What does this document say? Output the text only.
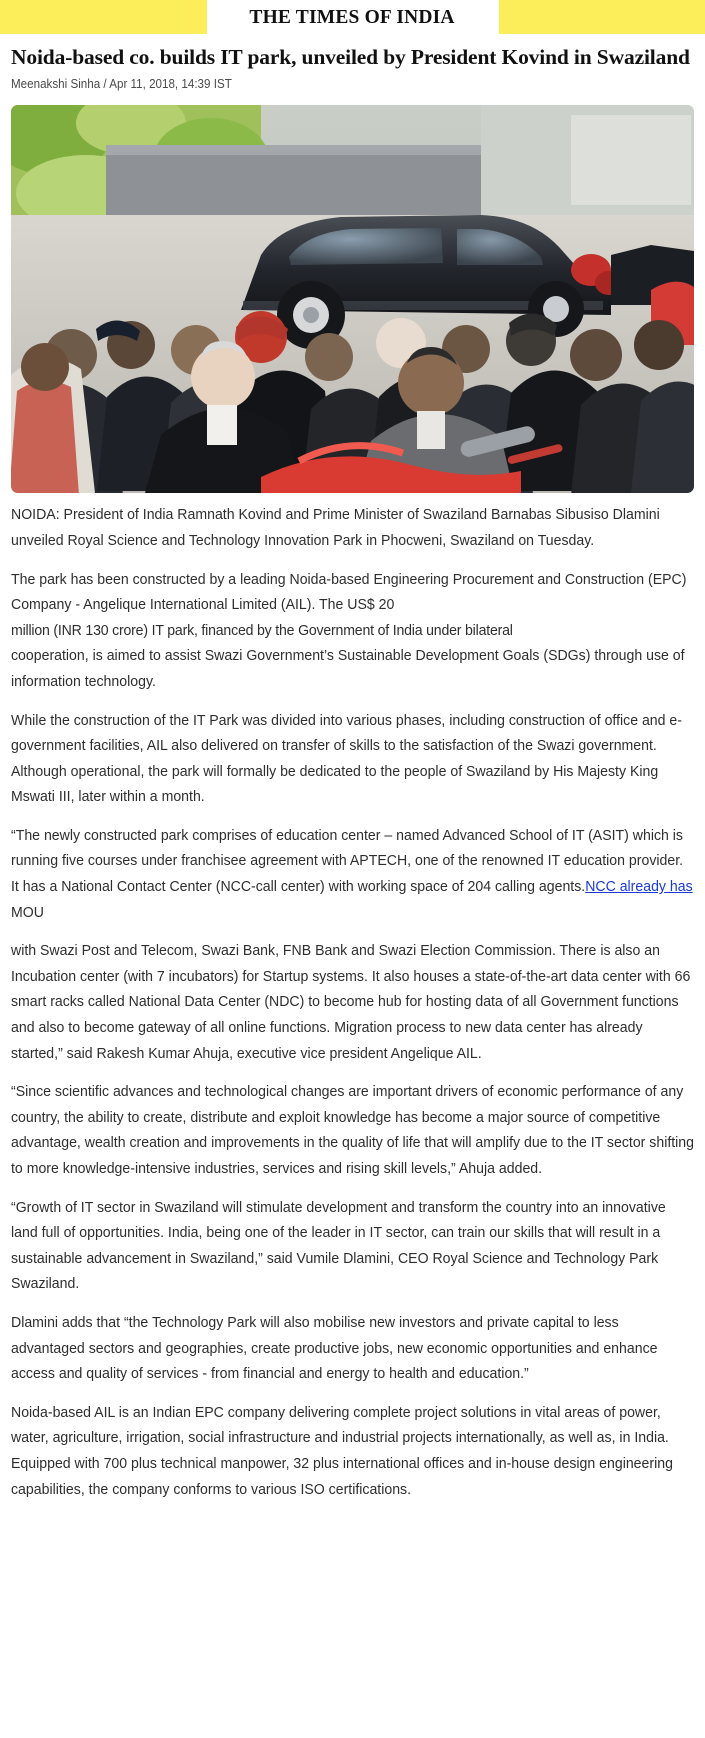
THE TIMES OF INDIA
Noida-based co. builds IT park, unveiled by President Kovind in Swaziland
Meenakshi Sinha / Apr 11, 2018, 14:39 IST

NOIDA: President of India Ramnath Kovind and Prime Minister of Swaziland Barnabas Sibusiso Dlamini unveiled Royal Science and Technology Innovation Park in Phocweni, Swaziland on Tuesday.

The park has been constructed by a leading Noida-based Engineering Procurement and Construction (EPC) Company - Angelique International Limited (AIL). The US$ 20

million (INR 130 crore) IT park, financed by the Government of India under bilateral

cooperation, is aimed to assist Swazi Government’s Sustainable Development Goals (SDGs) through use of information technology.

While the construction of the IT Park was divided into various phases, including construction of office and e-government facilities, AIL also delivered on transfer of skills to the satisfaction of the Swazi government.

Although operational, the park will formally be dedicated to the people of Swaziland by His Majesty King Mswati III, later within a month.

“The newly constructed park comprises of education center – named Advanced School of IT (ASIT) which is running five courses under franchisee agreement with APTECH, one of the renowned IT education provider. It has a National Contact Center (NCC-call center) with working space of 204 calling agents.NCC already has MOU

with Swazi Post and Telecom, Swazi Bank, FNB Bank and Swazi Election Commission. There is also an Incubation center (with 7 incubators) for Startup systems. It also houses a state-of-the-art data center with 66 smart racks called National Data Center (NDC) to become hub for hosting data of all Government functions and also to become gateway of all online functions. Migration process to new data center has already started,” said Rakesh Kumar Ahuja, executive vice president Angelique AIL.

“Since scientific advances and technological changes are important drivers of economic performance of any country, the ability to create, distribute and exploit knowledge has become a major source of competitive advantage, wealth creation and improvements in the quality of life that will amplify due to the IT sector shifting to more knowledge-intensive industries, services and rising skill levels,” Ahuja added.

“Growth of IT sector in Swaziland will stimulate development and transform the country into an innovative land full of opportunities. India, being one of the leader in IT sector, can train our skills that will result in a sustainable advancement in Swaziland,” said Vumile Dlamini, CEO Royal Science and Technology Park Swaziland.

Dlamini adds that “the Technology Park will also mobilise new investors and private capital to less advantaged sectors and geographies, create productive jobs, new economic opportunities and enhance access and quality of services - from financial and energy to health and education.”

Noida-based AIL is an Indian EPC company delivering complete project solutions in vital areas of power, water, agriculture, irrigation, social infrastructure and industrial projects internationally, as well as, in India. Equipped with 700 plus technical manpower, 32 plus international offices and in-house design engineering capabilities, the company conforms to various ISO certifications.
